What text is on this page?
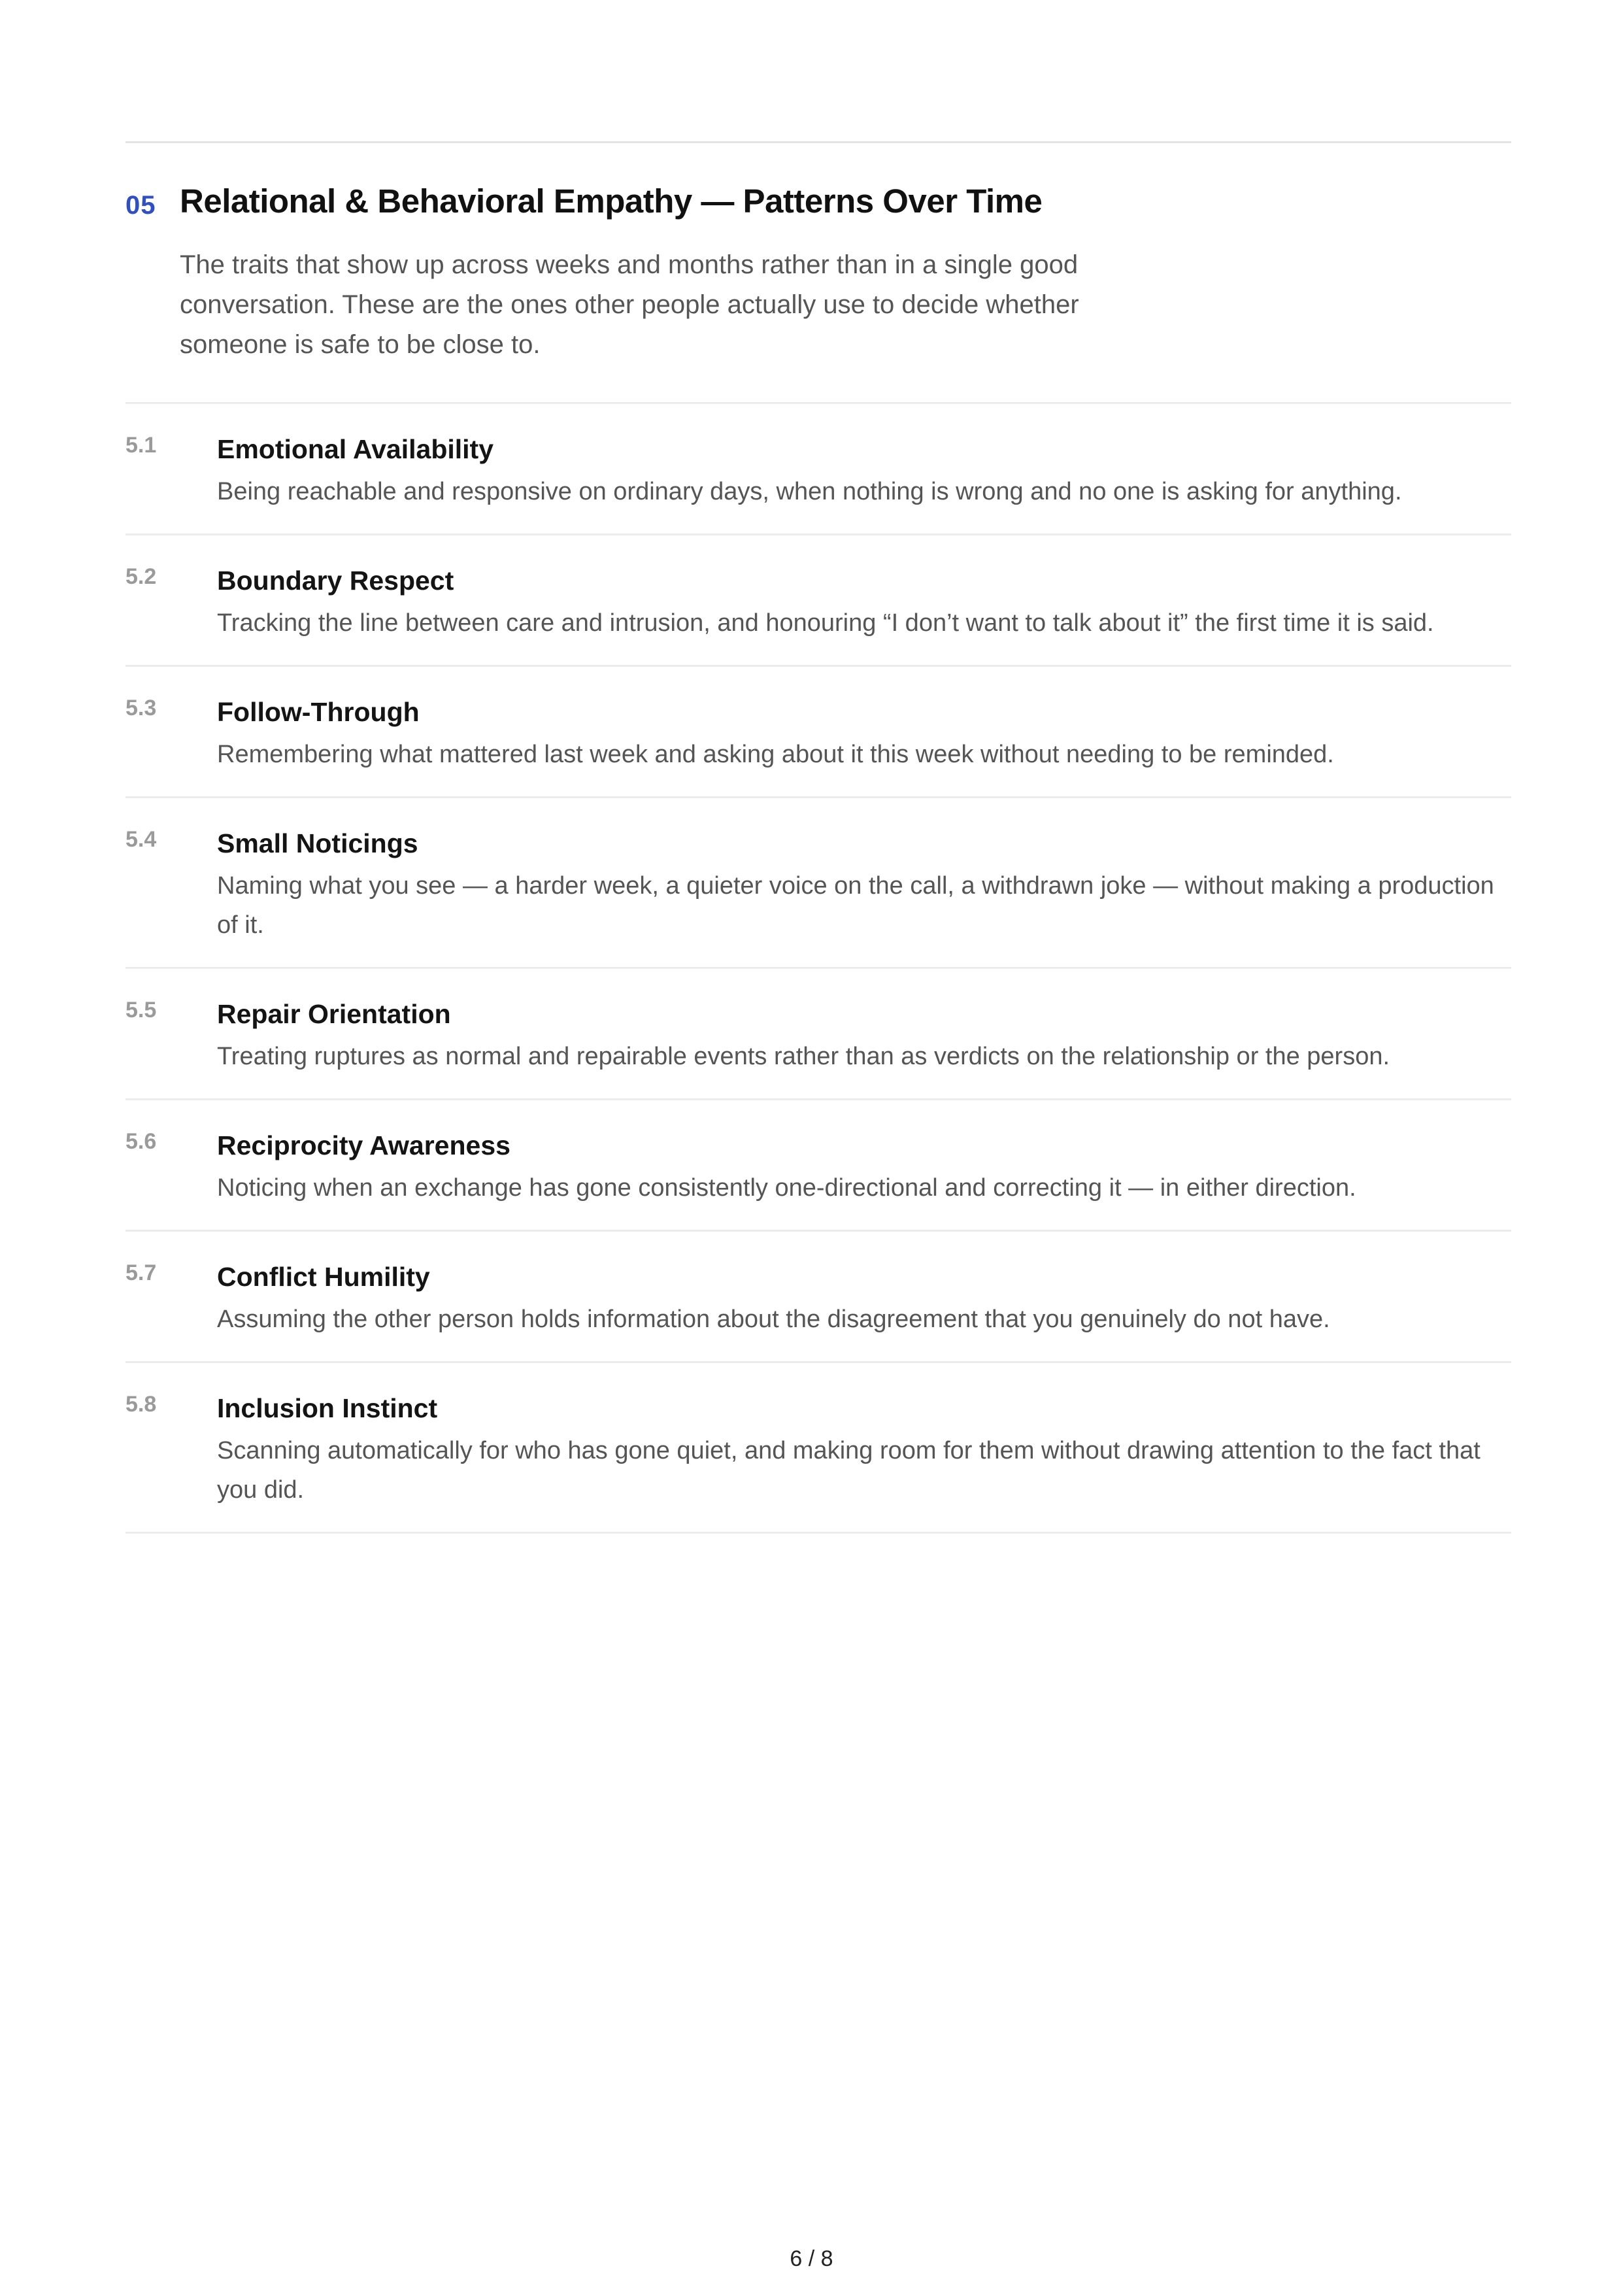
05 Relational & Behavioral Empathy — Patterns Over Time
The traits that show up across weeks and months rather than in a single good conversation. These are the ones other people actually use to decide whether someone is safe to be close to.
5.1 Emotional Availability
Being reachable and responsive on ordinary days, when nothing is wrong and no one is asking for anything.
5.2 Boundary Respect
Tracking the line between care and intrusion, and honouring “I don’t want to talk about it” the first time it is said.
5.3 Follow-Through
Remembering what mattered last week and asking about it this week without needing to be reminded.
5.4 Small Noticings
Naming what you see — a harder week, a quieter voice on the call, a withdrawn joke — without making a production of it.
5.5 Repair Orientation
Treating ruptures as normal and repairable events rather than as verdicts on the relationship or the person.
5.6 Reciprocity Awareness
Noticing when an exchange has gone consistently one-directional and correcting it — in either direction.
5.7 Conflict Humility
Assuming the other person holds information about the disagreement that you genuinely do not have.
5.8 Inclusion Instinct
Scanning automatically for who has gone quiet, and making room for them without drawing attention to the fact that you did.
6 / 8
